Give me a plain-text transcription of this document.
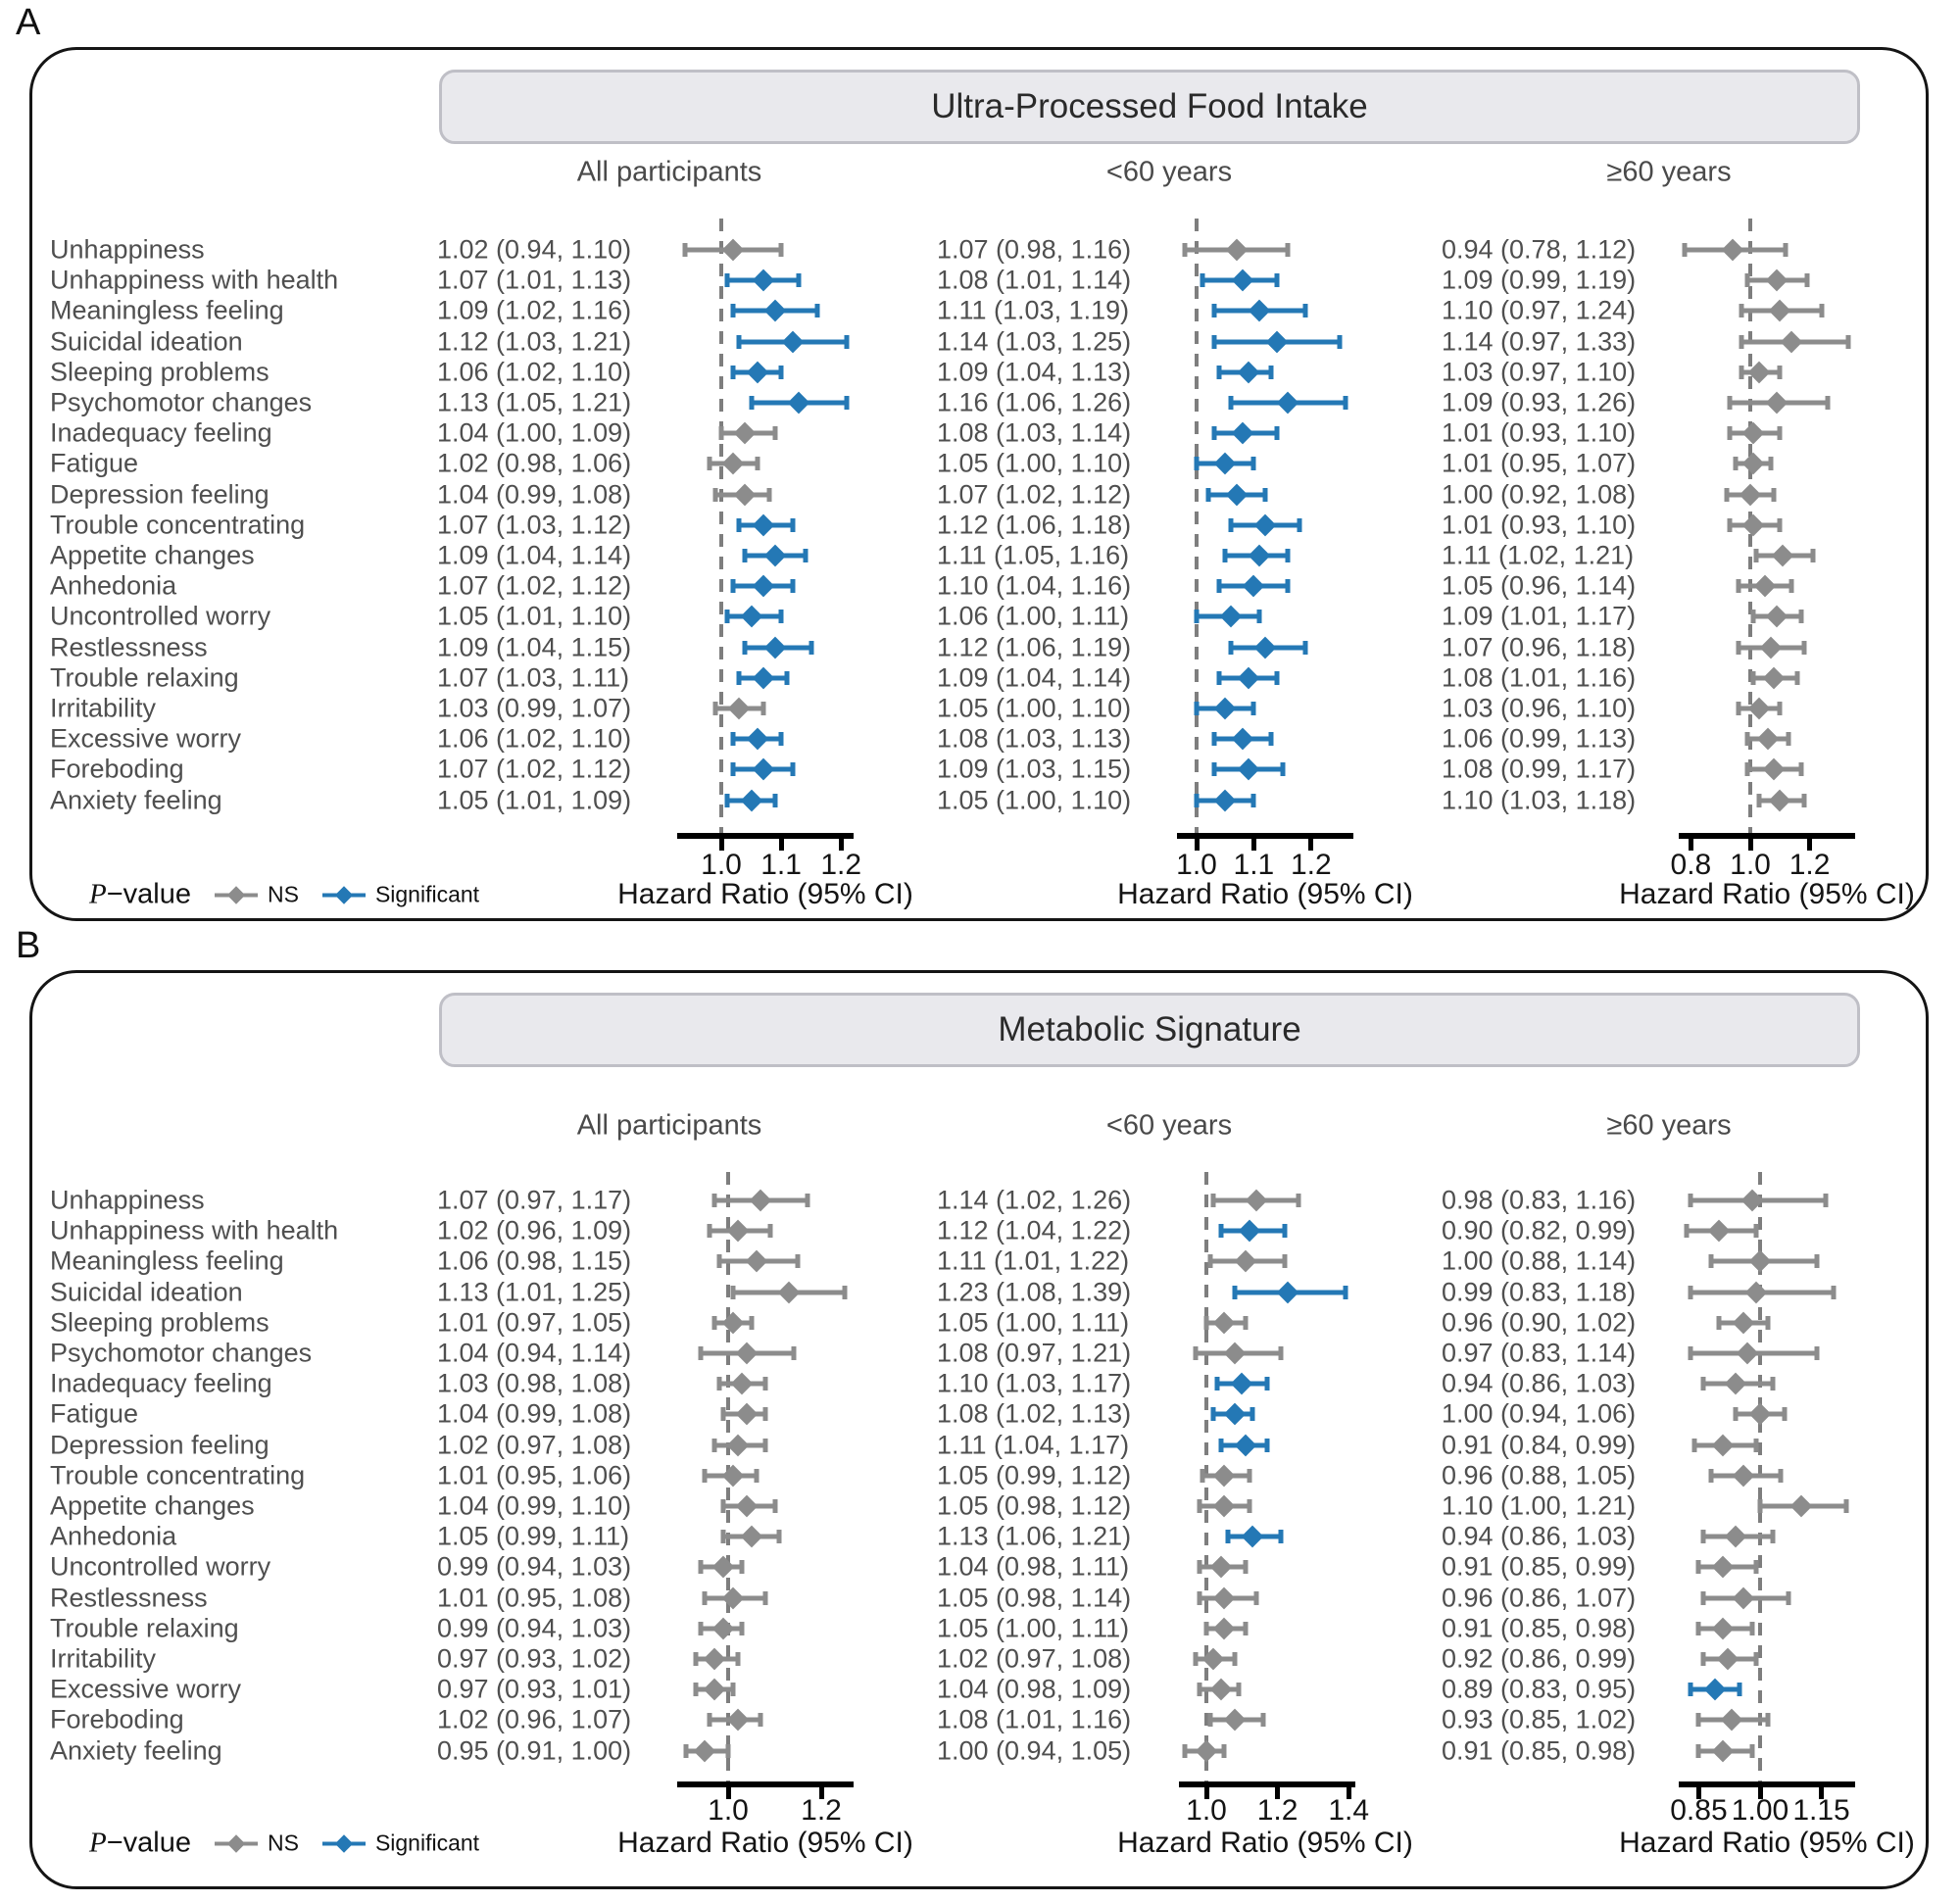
A
B
Ultra-Processed Food Intake
All participants	<60 years	≥60 years
P−value	NS	Significant	Hazard Ratio (95% CI)	Hazard Ratio (95% CI)	Hazard Ratio (95% CI)
1.0 1.1 1.2	1.0 1.1 1.2	0.8 1.0 1.2
Unhappiness	1.02 (0.94, 1.10)	1.07 (0.98, 1.16)	0.94 (0.78, 1.12)
Unhappiness with health	1.07 (1.01, 1.13)	1.08 (1.01, 1.14)	1.09 (0.99, 1.19)
Meaningless feeling	1.09 (1.02, 1.16)	1.11 (1.03, 1.19)	1.10 (0.97, 1.24)
Suicidal ideation	1.12 (1.03, 1.21)	1.14 (1.03, 1.25)	1.14 (0.97, 1.33)
Sleeping problems	1.06 (1.02, 1.10)	1.09 (1.04, 1.13)	1.03 (0.97, 1.10)
Psychomotor changes	1.13 (1.05, 1.21)	1.16 (1.06, 1.26)	1.09 (0.93, 1.26)
Inadequacy feeling	1.04 (1.00, 1.09)	1.08 (1.03, 1.14)	1.01 (0.93, 1.10)
Fatigue	1.02 (0.98, 1.06)	1.05 (1.00, 1.10)	1.01 (0.95, 1.07)
Depression feeling	1.04 (0.99, 1.08)	1.07 (1.02, 1.12)	1.00 (0.92, 1.08)
Trouble concentrating	1.07 (1.03, 1.12)	1.12 (1.06, 1.18)	1.01 (0.93, 1.10)
Appetite changes	1.09 (1.04, 1.14)	1.11 (1.05, 1.16)	1.11 (1.02, 1.21)
Anhedonia	1.07 (1.02, 1.12)	1.10 (1.04, 1.16)	1.05 (0.96, 1.14)
Uncontrolled worry	1.05 (1.01, 1.10)	1.06 (1.00, 1.11)	1.09 (1.01, 1.17)
Restlessness	1.09 (1.04, 1.15)	1.12 (1.06, 1.19)	1.07 (0.96, 1.18)
Trouble relaxing	1.07 (1.03, 1.11)	1.09 (1.04, 1.14)	1.08 (1.01, 1.16)
Irritability	1.03 (0.99, 1.07)	1.05 (1.00, 1.10)	1.03 (0.96, 1.10)
Excessive worry	1.06 (1.02, 1.10)	1.08 (1.03, 1.13)	1.06 (0.99, 1.13)
Foreboding	1.07 (1.02, 1.12)	1.09 (1.03, 1.15)	1.08 (0.99, 1.17)
Anxiety feeling	1.05 (1.01, 1.09)	1.05 (1.00, 1.10)	1.10 (1.03, 1.18)
Metabolic Signature
All participants	<60 years	≥60 years
P−value	NS	Significant	Hazard Ratio (95% CI)	Hazard Ratio (95% CI)	Hazard Ratio (95% CI)
1.0 1.2	1.0 1.2 1.4	0.85 1.00 1.15
Unhappiness	1.07 (0.97, 1.17)	1.14 (1.02, 1.26)	0.98 (0.83, 1.16)
Unhappiness with health	1.02 (0.96, 1.09)	1.12 (1.04, 1.22)	0.90 (0.82, 0.99)
Meaningless feeling	1.06 (0.98, 1.15)	1.11 (1.01, 1.22)	1.00 (0.88, 1.14)
Suicidal ideation	1.13 (1.01, 1.25)	1.23 (1.08, 1.39)	0.99 (0.83, 1.18)
Sleeping problems	1.01 (0.97, 1.05)	1.05 (1.00, 1.11)	0.96 (0.90, 1.02)
Psychomotor changes	1.04 (0.94, 1.14)	1.08 (0.97, 1.21)	0.97 (0.83, 1.14)
Inadequacy feeling	1.03 (0.98, 1.08)	1.10 (1.03, 1.17)	0.94 (0.86, 1.03)
Fatigue	1.04 (0.99, 1.08)	1.08 (1.02, 1.13)	1.00 (0.94, 1.06)
Depression feeling	1.02 (0.97, 1.08)	1.11 (1.04, 1.17)	0.91 (0.84, 0.99)
Trouble concentrating	1.01 (0.95, 1.06)	1.05 (0.99, 1.12)	0.96 (0.88, 1.05)
Appetite changes	1.04 (0.99, 1.10)	1.05 (0.98, 1.12)	1.10 (1.00, 1.21)
Anhedonia	1.05 (0.99, 1.11)	1.13 (1.06, 1.21)	0.94 (0.86, 1.03)
Uncontrolled worry	0.99 (0.94, 1.03)	1.04 (0.98, 1.11)	0.91 (0.85, 0.99)
Restlessness	1.01 (0.95, 1.08)	1.05 (0.98, 1.14)	0.96 (0.86, 1.07)
Trouble relaxing	0.99 (0.94, 1.03)	1.05 (1.00, 1.11)	0.91 (0.85, 0.98)
Irritability	0.97 (0.93, 1.02)	1.02 (0.97, 1.08)	0.92 (0.86, 0.99)
Excessive worry	0.97 (0.93, 1.01)	1.04 (0.98, 1.09)	0.89 (0.83, 0.95)
Foreboding	1.02 (0.96, 1.07)	1.08 (1.01, 1.16)	0.93 (0.85, 1.02)
Anxiety feeling	0.95 (0.91, 1.00)	1.00 (0.94, 1.05)	0.91 (0.85, 0.98)
